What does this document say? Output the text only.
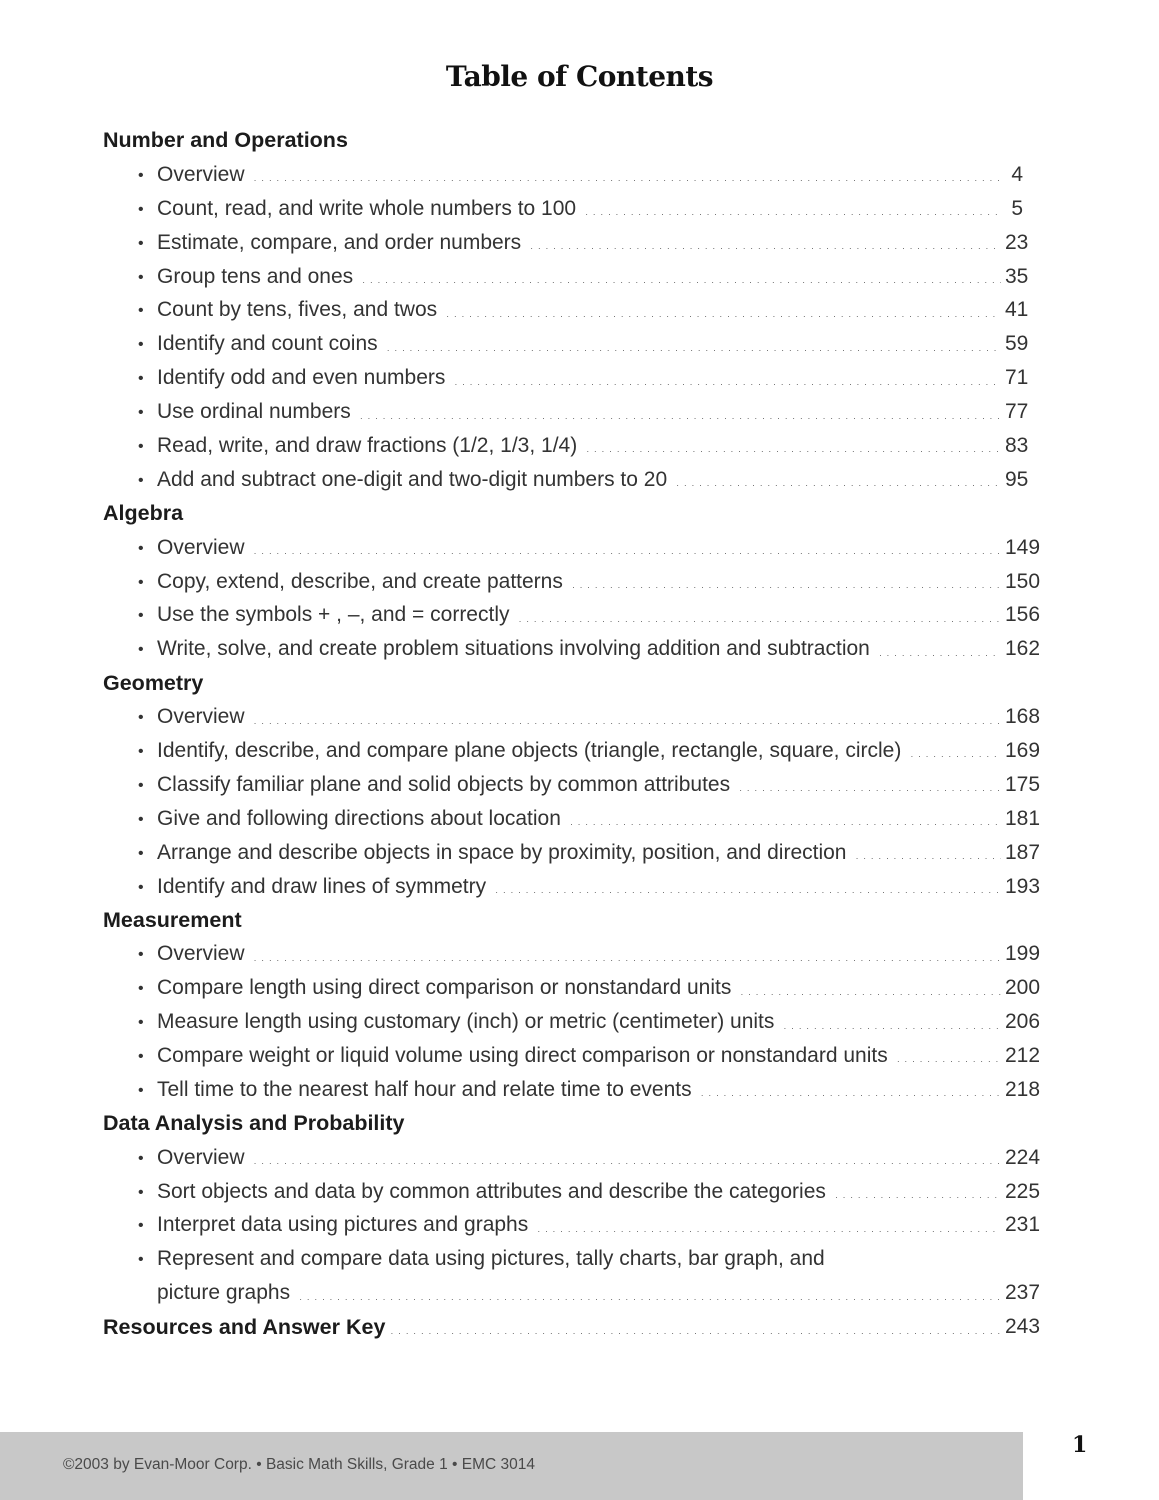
Table of Contents
Number and Operations
• Overview .....	4
• Count, read, and write whole numbers to 100 .....	5
• Estimate, compare, and order numbers .....	23
• Group tens and ones .....	35
• Count by tens, fives, and twos .....	41
• Identify and count coins .....	59
• Identify odd and even numbers .....	71
• Use ordinal numbers .....	77
• Read, write, and draw fractions (1/2, 1/3, 1/4) .....	83
• Add and subtract one-digit and two-digit numbers to 20 .....	95
Algebra
• Overview .....	149
• Copy, extend, describe, and create patterns .....	150
• Use the symbols + , –, and = correctly .....	156
• Write, solve, and create problem situations involving addition and subtraction .....	162
Geometry
• Overview .....	168
• Identify, describe, and compare plane objects (triangle, rectangle, square, circle) .....	169
• Classify familiar plane and solid objects by common attributes .....	175
• Give and following directions about location .....	181
• Arrange and describe objects in space by proximity, position, and direction .....	187
• Identify and draw lines of symmetry .....	193
Measurement
• Overview .....	199
• Compare length using direct comparison or nonstandard units .....	200
• Measure length using customary (inch) or metric (centimeter) units .....	206
• Compare weight or liquid volume using direct comparison or nonstandard units .....	212
• Tell time to the nearest half hour and relate time to events .....	218
Data Analysis and Probability
• Overview .....	224
• Sort objects and data by common attributes and describe the categories .....	225
• Interpret data using pictures and graphs .....	231
• Represent and compare data using pictures, tally charts, bar graph, and
picture graphs .....	237
Resources and Answer Key .....	243
©2003 by Evan-Moor Corp. • Basic Math Skills, Grade 1 • EMC 3014
1
